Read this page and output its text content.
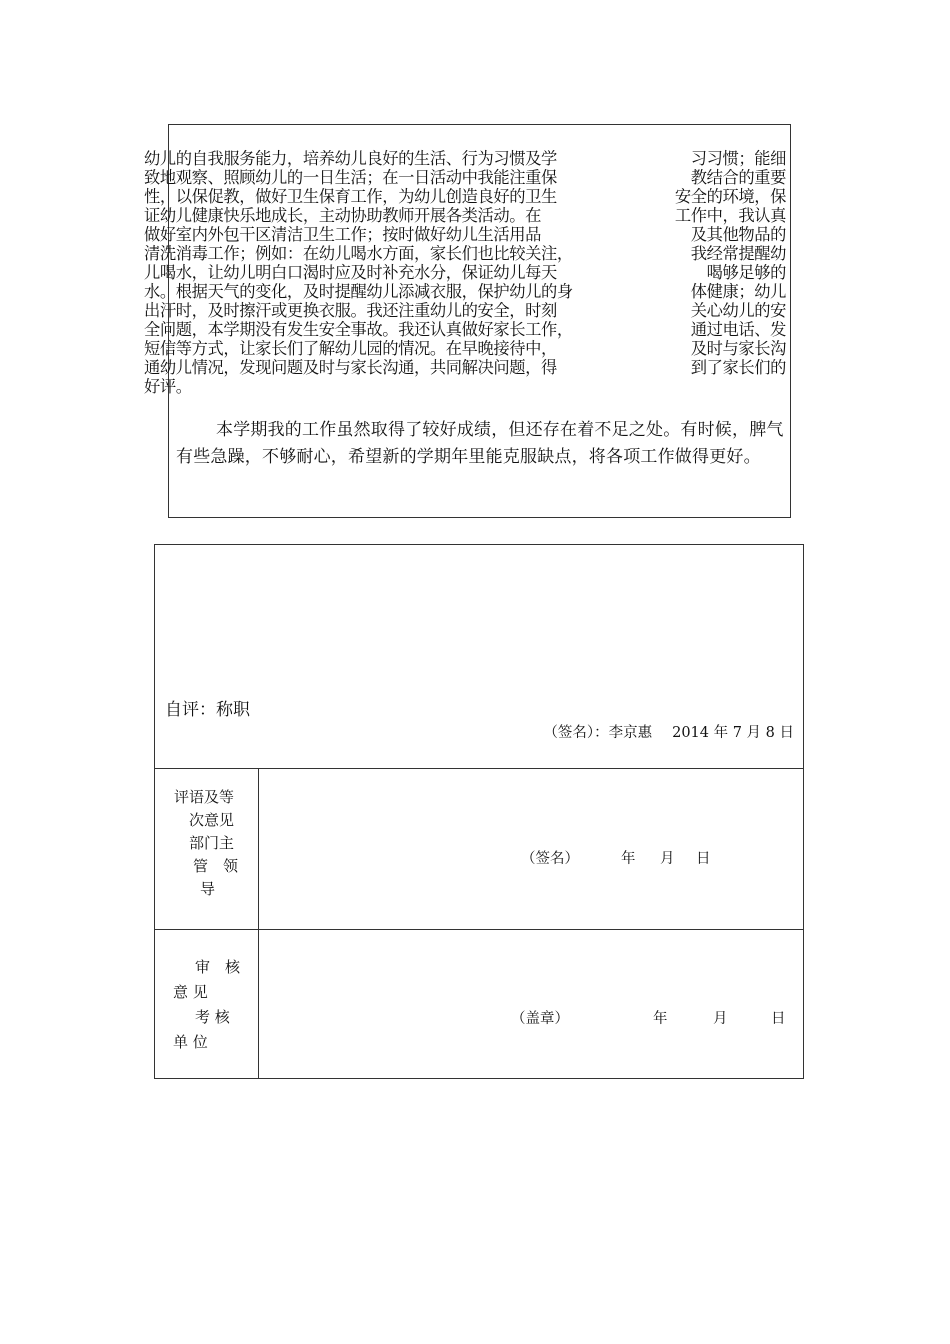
幼儿的自我服务能力，培养幼儿良好的生活、行为习惯及学	习习惯；能细
致地观察、照顾幼儿的一日生活；在一日活动中我能注重保	教结合的重要
性，以保促教，做好卫生保育工作，为幼儿创造良好的卫生	安全的环境，保
证幼儿健康快乐地成长，主动协助教师开展各类活动。在	工作中，我认真
做好室内外包干区清洁卫生工作；按时做好幼儿生活用品	及其他物品的
清洗消毒工作；例如：在幼儿喝水方面，家长们也比较关注，	我经常提醒幼
儿喝水，让幼儿明白口渴时应及时补充水分，保证幼儿每天	喝够足够的
水。根据天气的变化，及时提醒幼儿添减衣服，保护幼儿的身	体健康；幼儿
出汗时，及时擦汗或更换衣服。我还注重幼儿的安全，时刻	关心幼儿的安
全问题，本学期没有发生安全事故。我还认真做好家长工作，	通过电话、发
短信等方式，让家长们了解幼儿园的情况。在早晚接待中，	及时与家长沟
通幼儿情况，发现问题及时与家长沟通，共同解决问题，得	到了家长们的
好评。
本学期我的工作虽然取得了较好成绩，但还存在着不足之处。有时候，脾气有些急躁，不够耐心，希望新的学期年里能克服缺点，将各项工作做得更好。
自评：称职
（签名）：李京惠 2014 年 7 月 8 日
评语及等
次意见
部门主
管　领
导
（签名）	年 月 日
审　核
意 见
考 核
单 位
（盖章）	年	月	日
